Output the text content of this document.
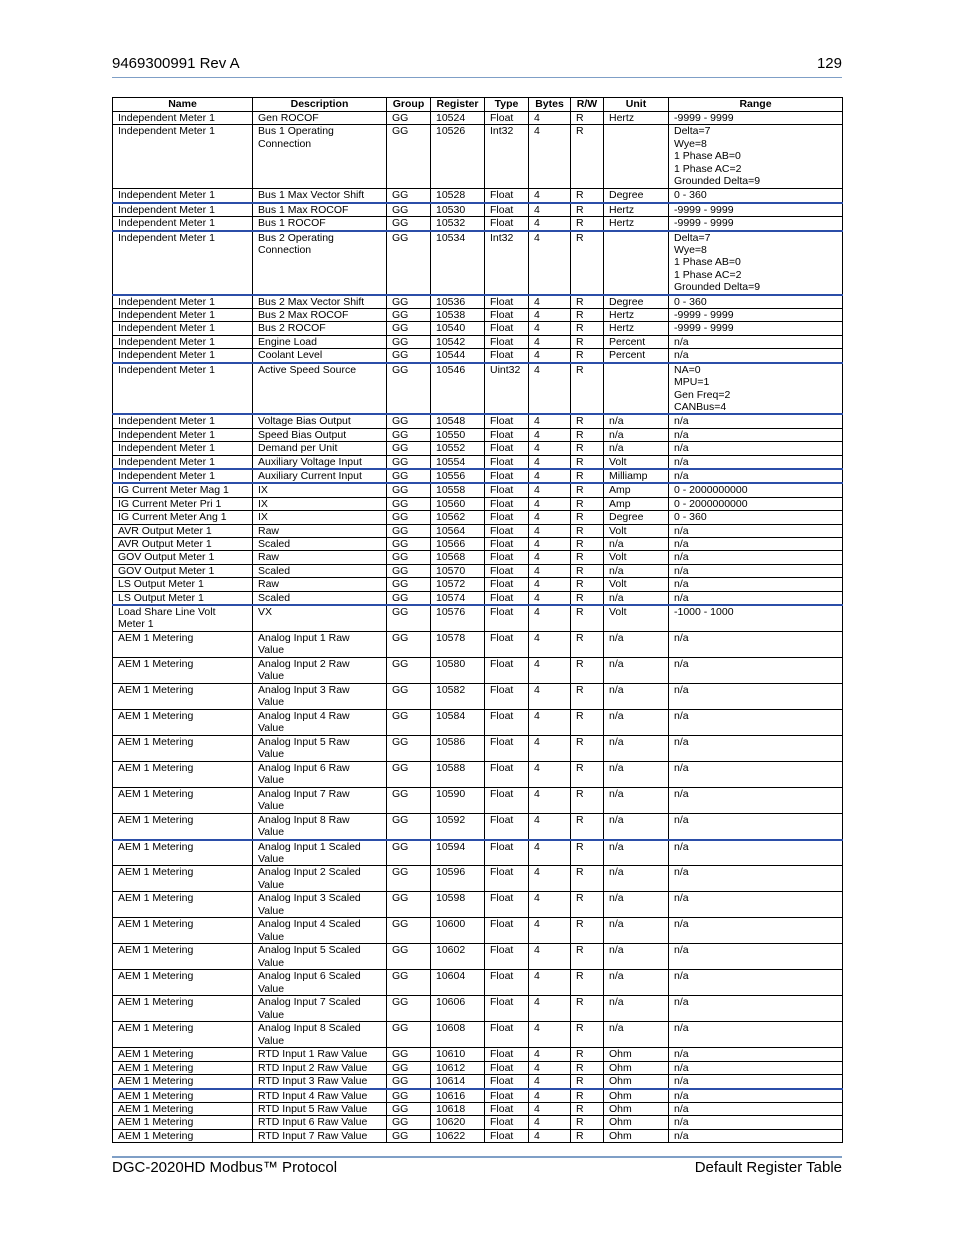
9469300991 Rev A	129
Name	Description	Group	Register	Type	Bytes	R/W	Unit	Range
Independent Meter 1	Gen ROCOF	GG	10524	Float	4	R	Hertz	-9999 - 9999
Independent Meter 1	Bus 1 Operating
Connection	GG	10526	Int32	4	R		Delta=7
Wye=8
1 Phase AB=0
1 Phase AC=2
Grounded Delta=9
Independent Meter 1	Bus 1 Max Vector Shift	GG	10528	Float	4	R	Degree	0 - 360
Independent Meter 1	Bus 1 Max ROCOF	GG	10530	Float	4	R	Hertz	-9999 - 9999
Independent Meter 1	Bus 1 ROCOF	GG	10532	Float	4	R	Hertz	-9999 - 9999
Independent Meter 1	Bus 2 Operating
Connection	GG	10534	Int32	4	R		Delta=7
Wye=8
1 Phase AB=0
1 Phase AC=2
Grounded Delta=9
Independent Meter 1	Bus 2 Max Vector Shift	GG	10536	Float	4	R	Degree	0 - 360
Independent Meter 1	Bus 2 Max ROCOF	GG	10538	Float	4	R	Hertz	-9999 - 9999
Independent Meter 1	Bus 2 ROCOF	GG	10540	Float	4	R	Hertz	-9999 - 9999
Independent Meter 1	Engine Load	GG	10542	Float	4	R	Percent	n/a
Independent Meter 1	Coolant Level	GG	10544	Float	4	R	Percent	n/a
Independent Meter 1	Active Speed Source	GG	10546	Uint32	4	R		NA=0
MPU=1
Gen Freq=2
CANBus=4
Independent Meter 1	Voltage Bias Output	GG	10548	Float	4	R	n/a	n/a
Independent Meter 1	Speed Bias Output	GG	10550	Float	4	R	n/a	n/a
Independent Meter 1	Demand per Unit	GG	10552	Float	4	R	n/a	n/a
Independent Meter 1	Auxiliary Voltage Input	GG	10554	Float	4	R	Volt	n/a
Independent Meter 1	Auxiliary Current Input	GG	10556	Float	4	R	Milliamp	n/a
IG Current Meter Mag 1	IX	GG	10558	Float	4	R	Amp	0 - 2000000000
IG Current Meter Pri 1	IX	GG	10560	Float	4	R	Amp	0 - 2000000000
IG Current Meter Ang 1	IX	GG	10562	Float	4	R	Degree	0 - 360
AVR Output Meter 1	Raw	GG	10564	Float	4	R	Volt	n/a
AVR Output Meter 1	Scaled	GG	10566	Float	4	R	n/a	n/a
GOV Output Meter 1	Raw	GG	10568	Float	4	R	Volt	n/a
GOV Output Meter 1	Scaled	GG	10570	Float	4	R	n/a	n/a
LS Output Meter 1	Raw	GG	10572	Float	4	R	Volt	n/a
LS Output Meter 1	Scaled	GG	10574	Float	4	R	n/a	n/a
Load Share Line Volt
Meter 1	VX	GG	10576	Float	4	R	Volt	-1000 - 1000
AEM 1 Metering	Analog Input 1 Raw
Value	GG	10578	Float	4	R	n/a	n/a
AEM 1 Metering	Analog Input 2 Raw
Value	GG	10580	Float	4	R	n/a	n/a
AEM 1 Metering	Analog Input 3 Raw
Value	GG	10582	Float	4	R	n/a	n/a
AEM 1 Metering	Analog Input 4 Raw
Value	GG	10584	Float	4	R	n/a	n/a
AEM 1 Metering	Analog Input 5 Raw
Value	GG	10586	Float	4	R	n/a	n/a
AEM 1 Metering	Analog Input 6 Raw
Value	GG	10588	Float	4	R	n/a	n/a
AEM 1 Metering	Analog Input 7 Raw
Value	GG	10590	Float	4	R	n/a	n/a
AEM 1 Metering	Analog Input 8 Raw
Value	GG	10592	Float	4	R	n/a	n/a
AEM 1 Metering	Analog Input 1 Scaled
Value	GG	10594	Float	4	R	n/a	n/a
AEM 1 Metering	Analog Input 2 Scaled
Value	GG	10596	Float	4	R	n/a	n/a
AEM 1 Metering	Analog Input 3 Scaled
Value	GG	10598	Float	4	R	n/a	n/a
AEM 1 Metering	Analog Input 4 Scaled
Value	GG	10600	Float	4	R	n/a	n/a
AEM 1 Metering	Analog Input 5 Scaled
Value	GG	10602	Float	4	R	n/a	n/a
AEM 1 Metering	Analog Input 6 Scaled
Value	GG	10604	Float	4	R	n/a	n/a
AEM 1 Metering	Analog Input 7 Scaled
Value	GG	10606	Float	4	R	n/a	n/a
AEM 1 Metering	Analog Input 8 Scaled
Value	GG	10608	Float	4	R	n/a	n/a
AEM 1 Metering	RTD Input 1 Raw Value	GG	10610	Float	4	R	Ohm	n/a
AEM 1 Metering	RTD Input 2 Raw Value	GG	10612	Float	4	R	Ohm	n/a
AEM 1 Metering	RTD Input 3 Raw Value	GG	10614	Float	4	R	Ohm	n/a
AEM 1 Metering	RTD Input 4 Raw Value	GG	10616	Float	4	R	Ohm	n/a
AEM 1 Metering	RTD Input 5 Raw Value	GG	10618	Float	4	R	Ohm	n/a
AEM 1 Metering	RTD Input 6 Raw Value	GG	10620	Float	4	R	Ohm	n/a
AEM 1 Metering	RTD Input 7 Raw Value	GG	10622	Float	4	R	Ohm	n/a
DGC-2020HD Modbus™ Protocol	Default Register Table
